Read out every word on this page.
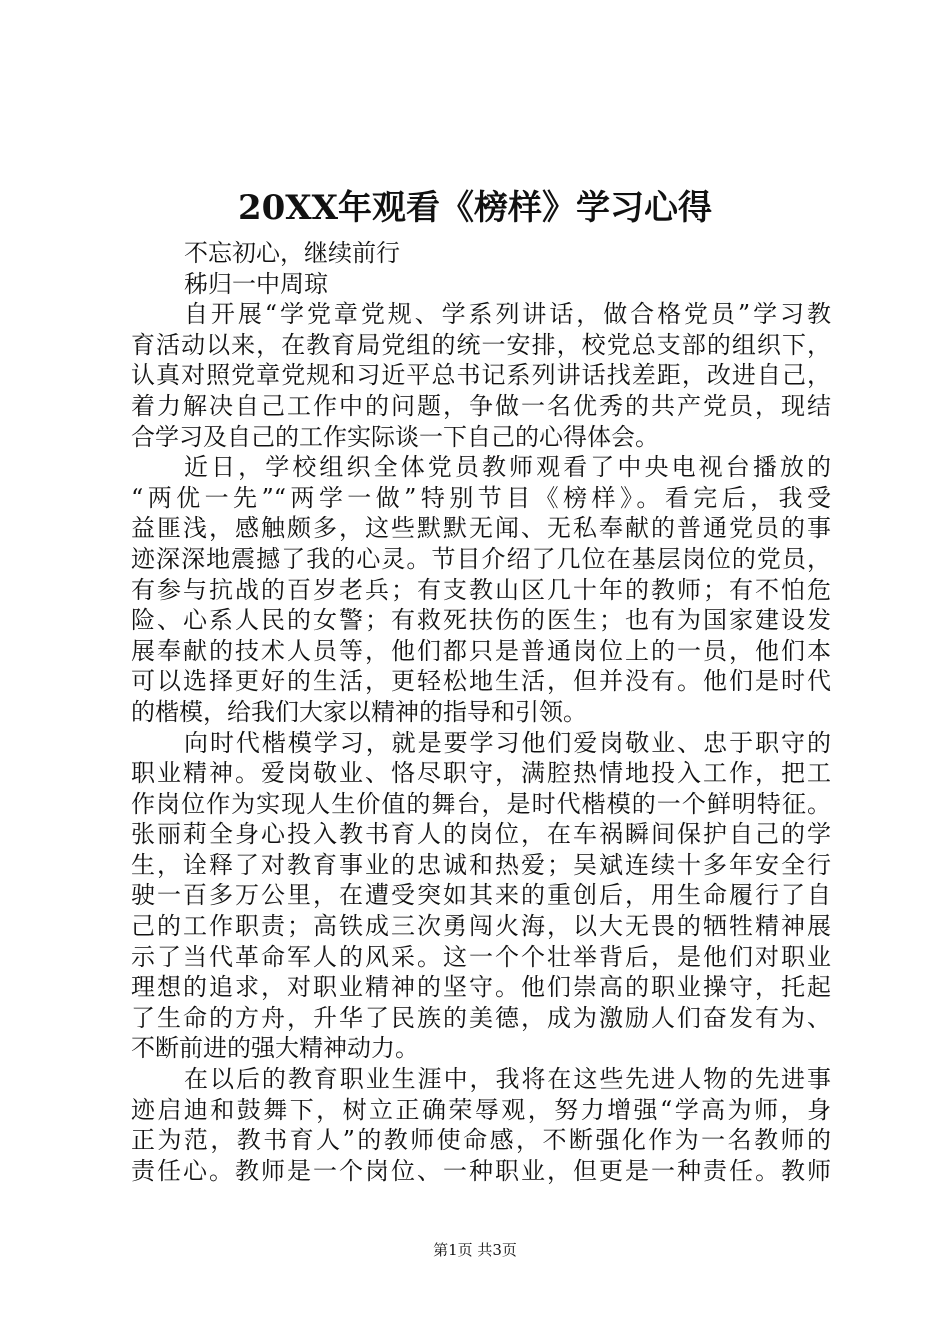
20XX年观看《榜样》学习心得
不忘初心，继续前行
秭归一中周琼
自开展“学党章党规、学系列讲话，做合格党员”学习教
育活动以来，在教育局党组的统一安排，校党总支部的组织下，
认真对照党章党规和习近平总书记系列讲话找差距，改进自己，
着力解决自己工作中的问题，争做一名优秀的共产党员，现结
合学习及自己的工作实际谈一下自己的心得体会。
近日，学校组织全体党员教师观看了中央电视台播放的
“两优一先”“两学一做”特别节目《榜样》。看完后，我受
益匪浅，感触颇多，这些默默无闻、无私奉献的普通党员的事
迹深深地震撼了我的心灵。节目介绍了几位在基层岗位的党员，
有参与抗战的百岁老兵；有支教山区几十年的教师；有不怕危
险、心系人民的女警；有救死扶伤的医生；也有为国家建设发
展奉献的技术人员等，他们都只是普通岗位上的一员，他们本
可以选择更好的生活，更轻松地生活，但并没有。他们是时代
的楷模，给我们大家以精神的指导和引领。
向时代楷模学习，就是要学习他们爱岗敬业、忠于职守的
职业精神。爱岗敬业、恪尽职守，满腔热情地投入工作，把工
作岗位作为实现人生价值的舞台，是时代楷模的一个鲜明特征。
张丽莉全身心投入教书育人的岗位，在车祸瞬间保护自己的学
生，诠释了对教育事业的忠诚和热爱；吴斌连续十多年安全行
驶一百多万公里，在遭受突如其来的重创后，用生命履行了自
己的工作职责；高铁成三次勇闯火海，以大无畏的牺牲精神展
示了当代革命军人的风采。这一个个壮举背后，是他们对职业
理想的追求，对职业精神的坚守。他们崇高的职业操守，托起
了生命的方舟，升华了民族的美德，成为激励人们奋发有为、
不断前进的强大精神动力。
在以后的教育职业生涯中，我将在这些先进人物的先进事
迹启迪和鼓舞下，树立正确荣辱观，努力增强“学高为师，身
正为范，教书育人”的教师使命感，不断强化作为一名教师的
责任心。教师是一个岗位、一种职业，但更是一种责任。教师
第1页 共3页
